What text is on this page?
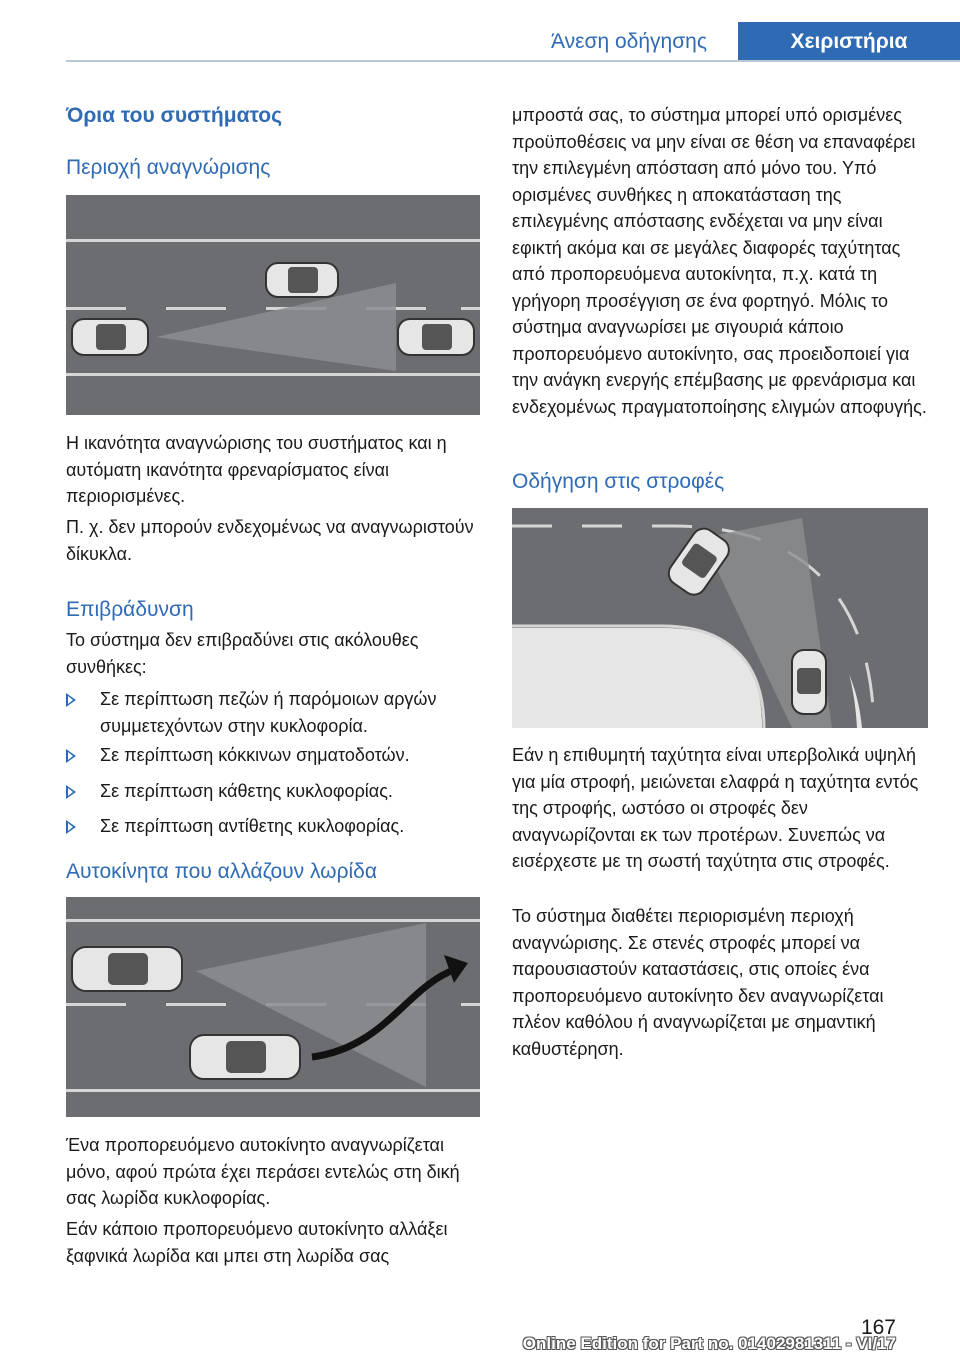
Άνεση οδήγησης	Χειριστήρια
Όρια του συστήματος
Περιοχή αναγνώρισης

Η ικανότητα αναγνώρισης του συστήματος και η αυτόματη ικανότητα φρεναρίσματος είναι περιορισμένες.

Π. χ. δεν μπορούν ενδεχομένως να αναγνωριστούν δίκυκλα.

Επιβράδυνση

Το σύστημα δεν επιβραδύνει στις ακόλουθες συνθήκες:

Σε περίπτωση πεζών ή παρόμοιων αργών συμμετεχόντων στην κυκλοφορία.
Σε περίπτωση κόκκινων σηματοδοτών.
Σε περίπτωση κάθετης κυκλοφορίας.
Σε περίπτωση αντίθετης κυκλοφορίας.
Αυτοκίνητα που αλλάζουν λωρίδα

Ένα προπορευόμενο αυτοκίνητο αναγνωρίζεται μόνο, αφού πρώτα έχει περάσει εντελώς στη δική σας λωρίδα κυκλοφορίας.

Εάν κάποιο προπορευόμενο αυτοκίνητο αλλάξει ξαφνικά λωρίδα και μπει στη λωρίδα σας

μπροστά σας, το σύστημα μπορεί υπό ορισμένες προϋποθέσεις να μην είναι σε θέση να επαναφέρει την επιλεγμένη απόσταση από μόνο του. Υπό ορισμένες συνθήκες η αποκατάσταση της επιλεγμένης απόστασης ενδέχεται να μην είναι εφικτή ακόμα και σε μεγάλες διαφορές ταχύτητας από προπορευόμενα αυτοκίνητα, π.χ. κατά τη γρήγορη προσέγγιση σε ένα φορτηγό. Μόλις το σύστημα αναγνωρίσει με σιγουριά κάποιο προπορευόμενο αυτοκίνητο, σας προειδοποιεί για την ανάγκη ενεργής επέμβασης με φρενάρισμα και ενδεχομένως πραγματοποίησης ελιγμών αποφυγής.

Οδήγηση στις στροφές

Εάν η επιθυμητή ταχύτητα είναι υπερβολικά υψηλή για μία στροφή, μειώνεται ελαφρά η ταχύτητα εντός της στροφής, ωστόσο οι στροφές δεν αναγνωρίζονται εκ των προτέρων. Συνεπώς να εισέρχεστε με τη σωστή ταχύτητα στις στροφές.

Το σύστημα διαθέτει περιορισμένη περιοχή αναγνώρισης. Σε στενές στροφές μπορεί να παρουσιαστούν καταστάσεις, στις οποίες ένα προπορευόμενο αυτοκίνητο δεν αναγνωρίζεται πλέον καθόλου ή αναγνωρίζεται με σημαντική καθυστέρηση.

167
Online Edition for Part no. 01402981311 - VI/17
